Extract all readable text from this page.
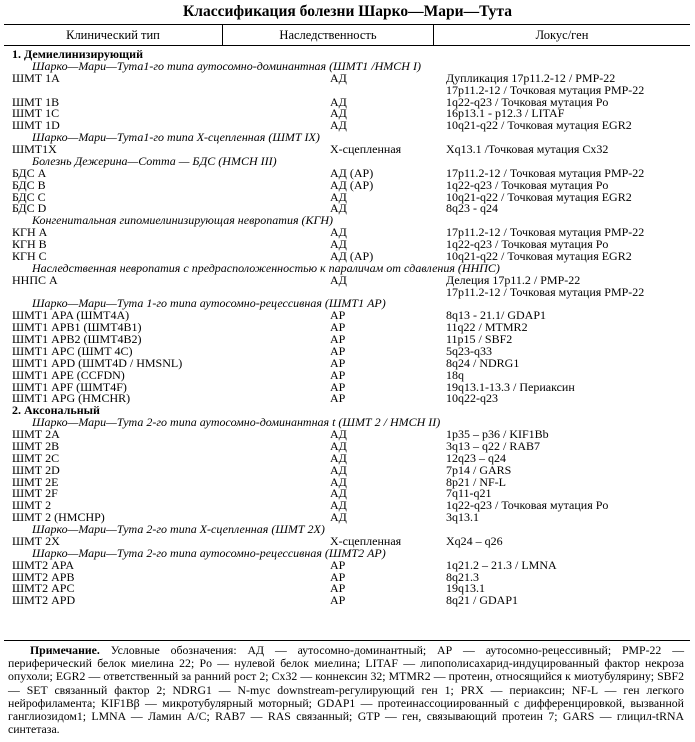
Классификация болезни Шарко—Мари—Тута
Клинический тип	Наследственность	Локус/ген
1. Демиелинизирующий
Шарко—Мари—Тута1-го типа аутосомно-доминантная (ШМТ1 /HMCH I)
ШМТ 1A	АД	Дупликация 17p11.2-12 / PMP-22
17p11.2-12 / Точковая мутация PMP-22
ШМТ 1B	АД	1q22-q23 / Точковая мутация Po
ШМТ 1C	АД	16p13.1 - p12.3 / LITAF
ШМТ 1D	АД	10q21-q22 / Точковая мутация EGR2
Шарко—Мари—Тута1-го типа X-сцепленная (ШМТ IX)
ШМТ1X	X-сцепленная	Xq13.1 /Точковая мутация Cx32
Болезнь Дежерина—Сотта — БДС (HMCH III)
БДС A	АД (АР)	17p11.2-12 / Точковая мутация PMP-22
БДС B	АД (АР)	1q22-q23 / Точковая мутация Po
БДС C	АД	10q21-q22 / Точковая мутация EGR2
БДС D	АД	8q23 - q24
Конгенитальная гипомиелинизирующая невропатия (КГН)
КГН A	АД	17p11.2-12 / Точковая мутация PMP-22
КГН B	АД	1q22-q23 / Точковая мутация Po
КГН C	АД (АР)	10q21-q22 / Точковая мутация EGR2
Наследственная невропатия с предрасположенностью к параличам от сдавления (ННПС)
ННПС A	АД	Делеция 17p11.2 / PMP-22
17p11.2-12 / Точковая мутация PMP-22
Шарко—Мари—Тута 1-го типа аутосомно-рецессивная (ШМТ1 АР)
ШМТ1 APA (ШМТ4A)	АР	8q13 - 21.1/ GDAP1
ШМТ1 APB1 (ШМТ4B1)	АР	11q22 / MTMR2
ШМТ1 APB2 (ШМТ4B2)	АР	11p15 / SBF2
ШМТ1 APC (ШМТ 4C)	АР	5q23-q33
ШМТ1 APD (ШМТ4D / HMSNL)	АР	8q24 / NDRG1
ШМТ1 APE (CCFDN)	АР	18q
ШМТ1 APF (ШМТ4F)	АР	19q13.1-13.3 / Периаксин
ШМТ1 APG (HMCHR)	АР	10q22-q23
2. Аксональный
Шарко—Мари—Тута 2-го типа аутосомно-доминантная t (ШМТ 2 / HMCH II)
ШМТ 2A	АД	1p35 – p36 / KIF1Bb
ШМТ 2B	АД	3q13 – q22 / RAB7
ШМТ 2C	АД	12q23 – q24
ШМТ 2D	АД	7p14 / GARS
ШМТ 2E	АД	8p21 / NF-L
ШМТ 2F	АД	7q11-q21
ШМТ 2	АД	1q22-q23 / Точковая мутация Po
ШМТ 2 (HMCHP)	АД	3q13.1
Шарко—Мари—Тута 2-го типа X-сцепленная (ШМТ 2X)
ШМТ 2X	X-сцепленная	Xq24 – q26
Шарко—Мари—Тута 2-го типа аутосомно-рецессивная (ШМТ2 АР)
ШМТ2 APA	АР	1q21.2 – 21.3 / LMNA
ШМТ2 APB	АР	8q21.3
ШМТ2 APC	АР	19q13.1
ШМТ2 APD	АР	8q21 / GDAP1
Примечание. Условные обозначения: АД — аутосомно-доминантный; АР — аутосомно-рецессивный; PMP-22 — периферический белок миелина 22; Po — нулевой белок миелина; LITAF — липополисахарид-индуцированный фактор некроза опухоли; EGR2 — ответственный за ранний рост 2; Cx32 — коннексин 32; MTMR2 — протеин, относящийся к миотубулярину; SBF2 — SET связанный фактор 2; NDRG1 — N-myc downstream-регулирующий ген 1; PRX — периаксин; NF-L — ген легкого нейрофиламента; KIF1Bβ — микротубулярный моторный; GDAP1 — протеинассоциированный с дифференцировкой, вызванной ганглиозидом1; LMNA — Ламин A/C; RAB7 — RAS связанный; GTP — ген, связывающий протеин 7; GARS — глицил-tRNA синтетаза.
